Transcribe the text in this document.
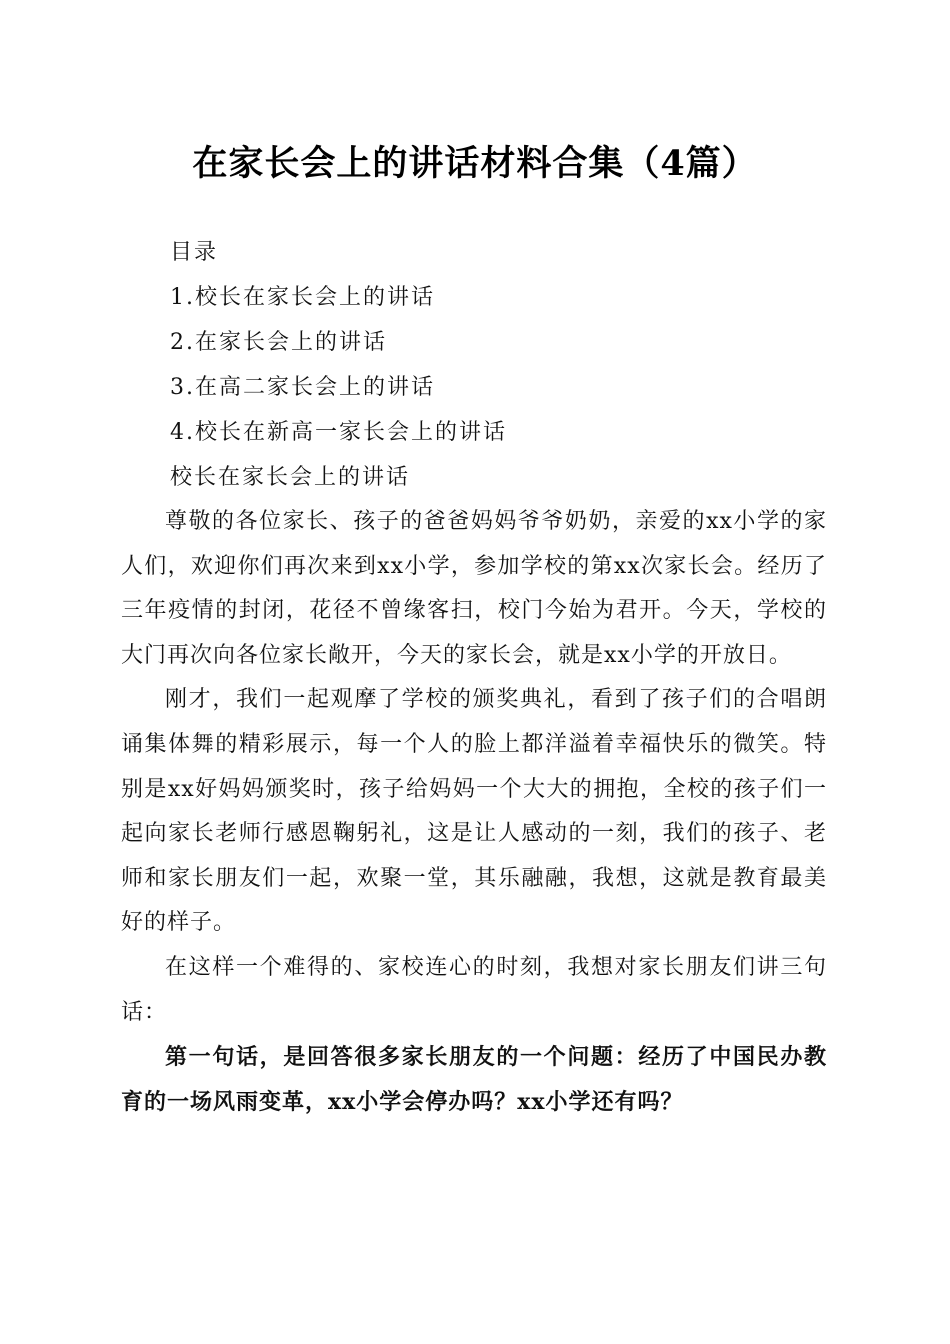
在家长会上的讲话材料合集（4篇）
目录
1.校长在家长会上的讲话
2.在家长会上的讲话
3.在高二家长会上的讲话
4.校长在新高一家长会上的讲话
校长在家长会上的讲话

尊敬的各位家长、孩子的爸爸妈妈爷爷奶奶，亲爱的xx小学的家人们，欢迎你们再次来到xx小学，参加学校的第xx次家长会。经历了三年疫情的封闭，花径不曾缘客扫，校门今始为君开。今天，学校的大门再次向各位家长敞开，今天的家长会，就是xx小学的开放日。

刚才，我们一起观摩了学校的颁奖典礼，看到了孩子们的合唱朗诵集体舞的精彩展示，每一个人的脸上都洋溢着幸福快乐的微笑。特别是xx好妈妈颁奖时，孩子给妈妈一个大大的拥抱，全校的孩子们一起向家长老师行感恩鞠躬礼，这是让人感动的一刻，我们的孩子、老师和家长朋友们一起，欢聚一堂，其乐融融，我想，这就是教育最美好的样子。

在这样一个难得的、家校连心的时刻，我想对家长朋友们讲三句话：

第一句话，是回答很多家长朋友的一个问题：经历了中国民办教育的一场风雨变革，xx小学会停办吗？xx小学还有吗？
